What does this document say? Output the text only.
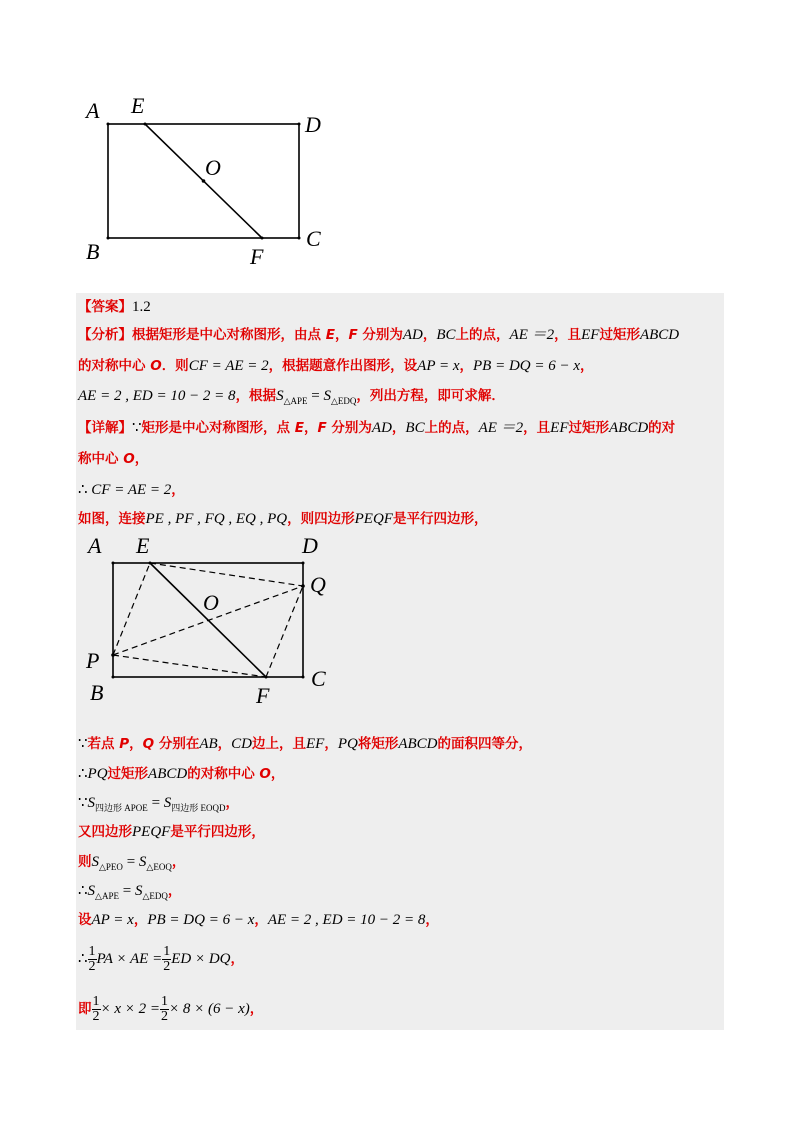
A E
D
O
B	F
C
【答案】1.2
【分析】根据矩形是中心对称图形，由点 E，F 分别为AD，BC上的点，AE ＝2，且EF过矩形ABCD
的对称中心 O．则CF = AE = 2，根据题意作出图形，设AP = x，PB = DQ = 6 − x，
AE = 2 , ED = 10 − 2 = 8，根据$S_{\triangle APE} = S_{\triangle EDQ}$，列出方程，即可求解．
【详解】∵矩形是中心对称图形，点 E，F 分别为AD，BC上的点，AE ＝2，且EF过矩形ABCD的对
称中心 O，
∴ CF = AE = 2，
如图，连接PE , PF , FQ , EQ , PQ，则四边形PEQF是平行四边形，
A E	D
Q
O
P
B	F
C
∵若点 P，Q 分别在AB，CD边上，且EF，PQ将矩形ABCD的面积四等分，
∴PQ过矩形ABCD的对称中心 O，
$\because S_{四边形 APOE} = S_{四边形 EOQD}$，
又四边形PEQF是平行四边形，
则$S_{\triangle PEO} = S_{\triangle EOQ}$，
$\therefore S_{\triangle APE} = S_{\triangle EDQ}$，
设AP = x，PB = DQ = 6 − x，AE = 2 , ED = 10 − 2 = 8，
∴ $\frac{1}{2}$ PA × AE = $\frac{1}{2}$ ED × DQ，
即 $\frac{1}{2} \times x \times 2 = \frac{1}{2} \times 8 \times (6 - x)$，
